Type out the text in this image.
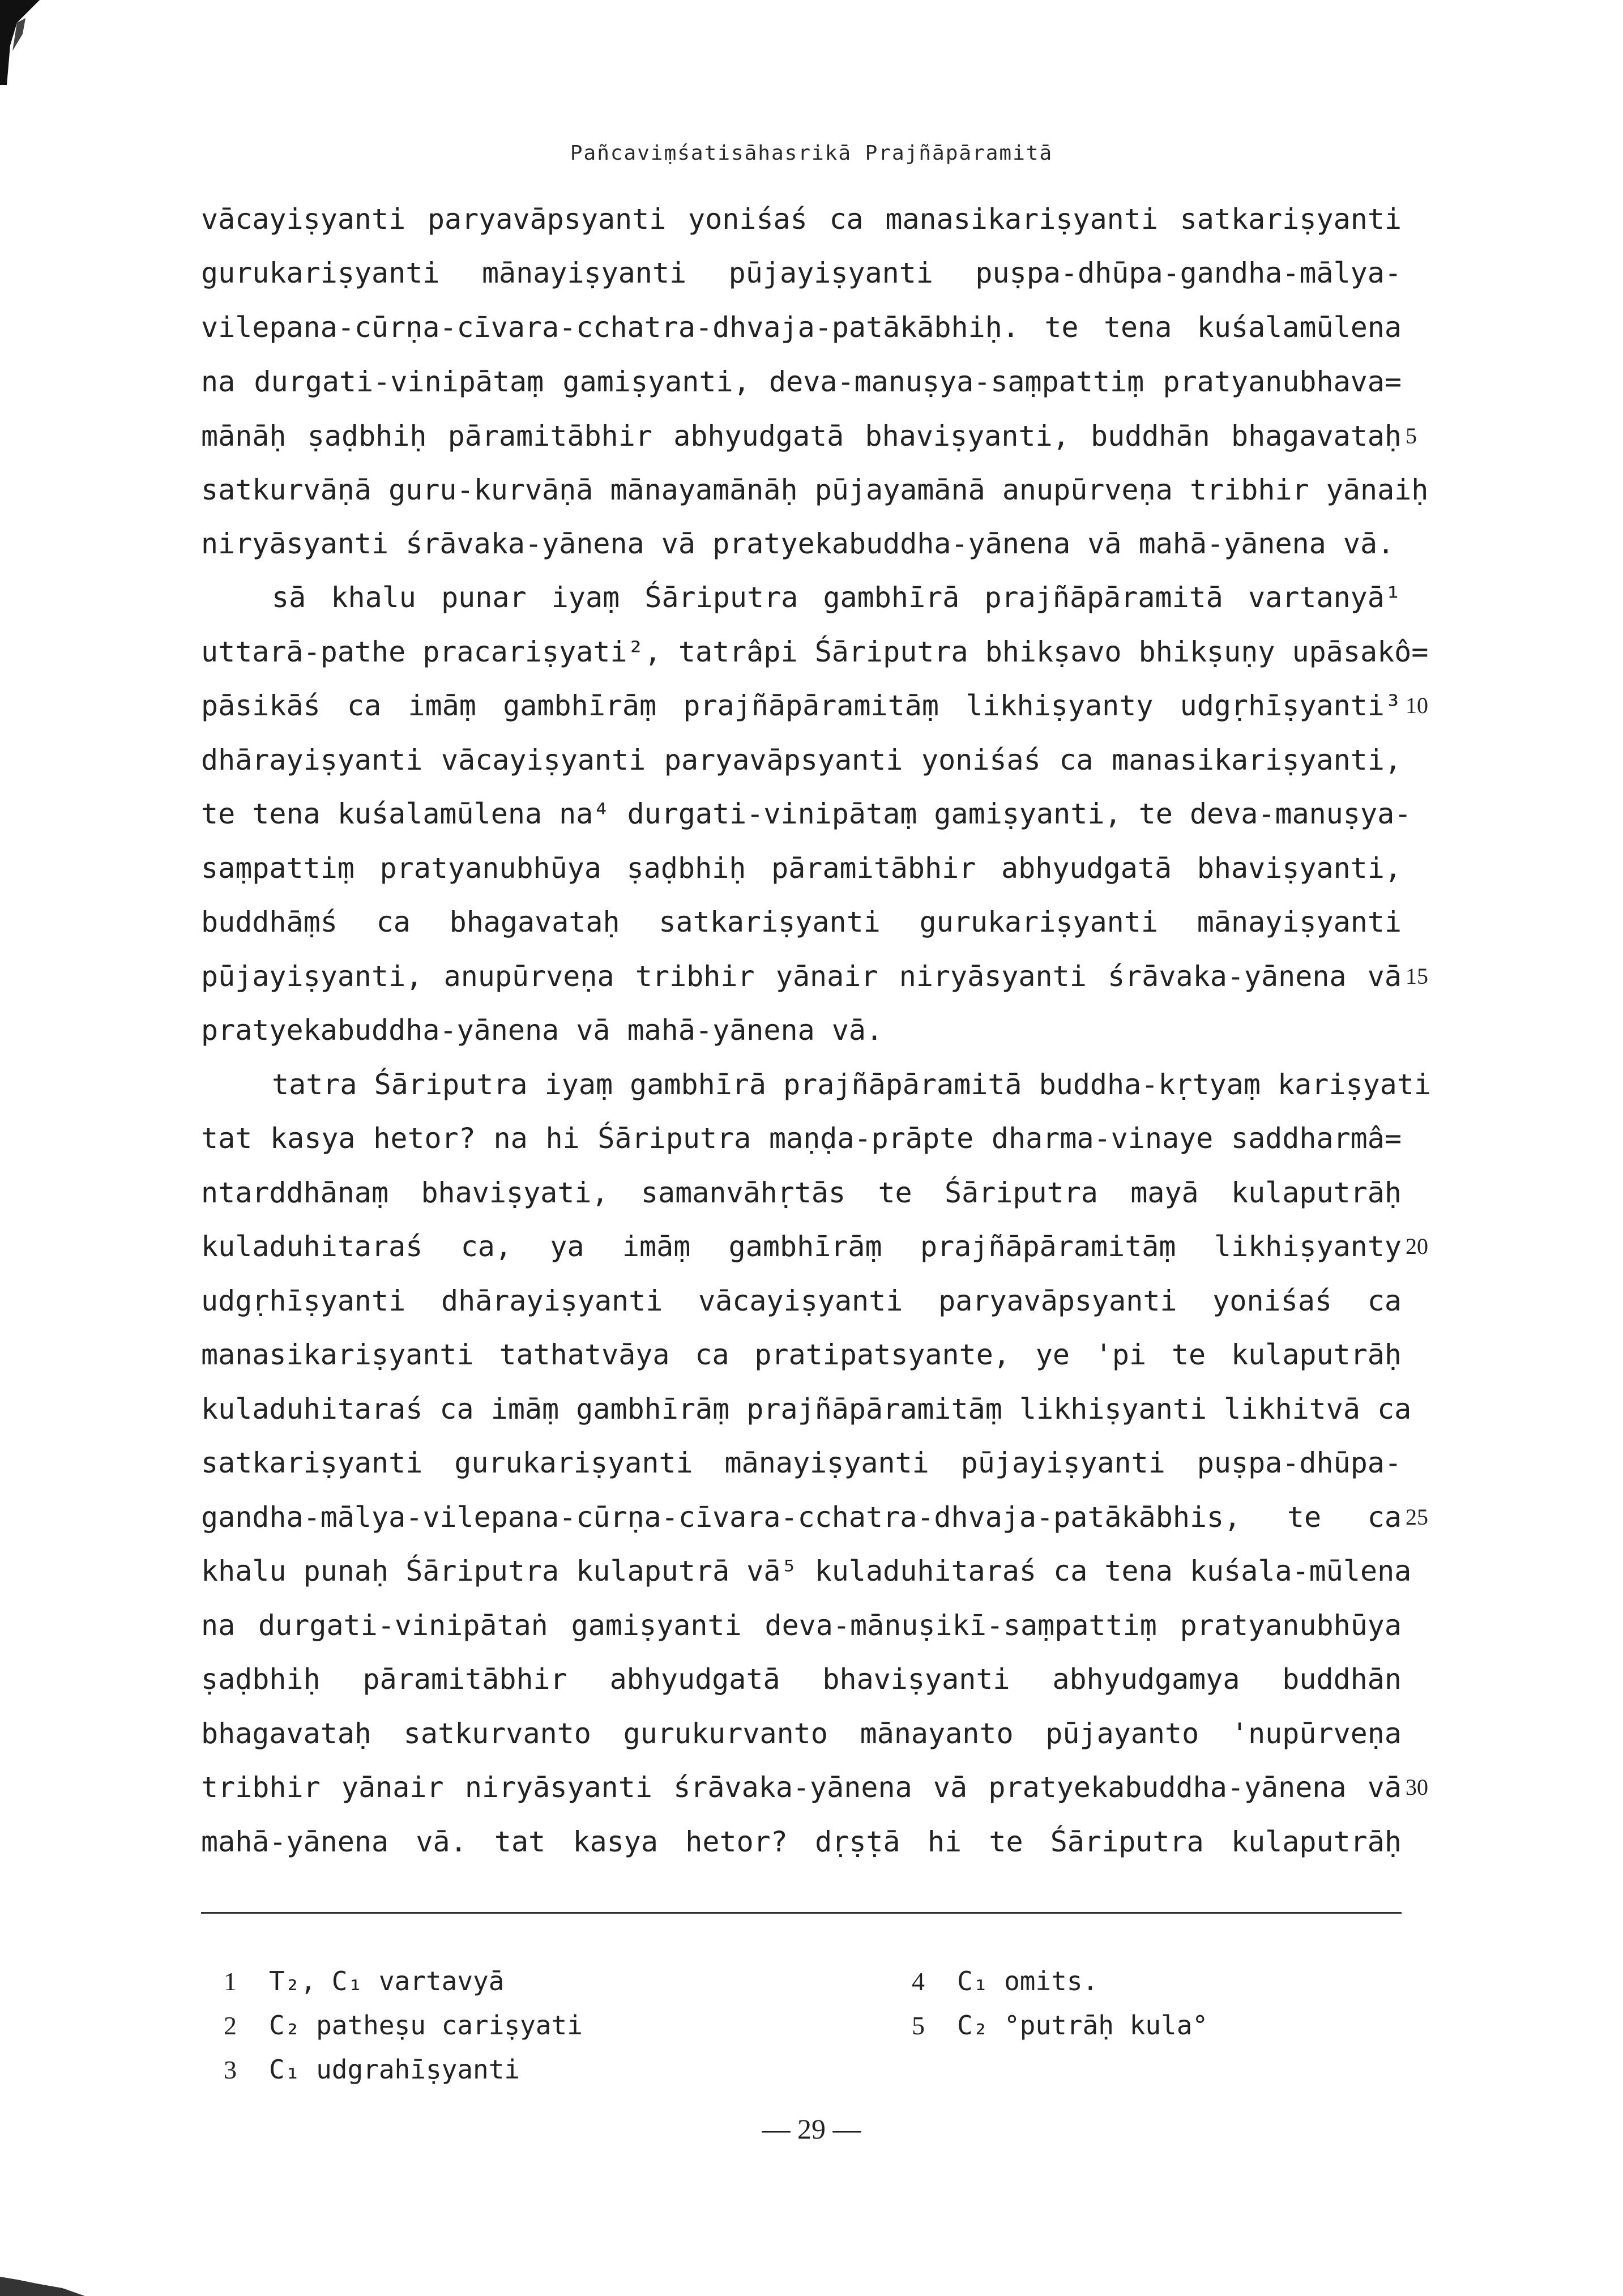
Pañcaviṃśatisāhasrikā Prajñāpāramitā
vācayiṣyanti paryavāpsyanti yoniśaś ca manasikariṣyanti satkariṣyanti
gurukariṣyanti mānayiṣyanti pūjayiṣyanti puṣpa-dhūpa-gandha-mālya-
vilepana-cūrṇa-cīvara-cchatra-dhvaja-patākābhiḥ. te tena kuśalamūlena
na durgati-vinipātaṃ gamiṣyanti, deva-manuṣya-saṃpattiṃ pratyanubhava=
mānāḥ ṣaḍbhiḥ pāramitābhir abhyudgatā bhaviṣyanti, buddhān bhagavataḥ 5
satkurvāṇā guru-kurvāṇā mānayamānāḥ pūjayamānā anupūrveṇa tribhir yānaiḥ
niryāsyanti śrāvaka-yānena vā pratyekabuddha-yānena vā mahā-yānena vā.
sā khalu punar iyaṃ Śāriputra gambhīrā prajñāpāramitā vartanyā¹
uttarā-pathe pracariṣyati², tatrâpi Śāriputra bhikṣavo bhikṣuṇy upāsakô=
pāsikāś ca imāṃ gambhīrāṃ prajñāpāramitāṃ likhiṣyanty udgṛhīṣyanti³ 10
dhārayiṣyanti vācayiṣyanti paryavāpsyanti yoniśaś ca manasikariṣyanti,
te tena kuśalamūlena na⁴ durgati-vinipātaṃ gamiṣyanti, te deva-manuṣya-
saṃpattiṃ pratyanubhūya ṣaḍbhiḥ pāramitābhir abhyudgatā bhaviṣyanti,
buddhāṃś ca bhagavataḥ satkariṣyanti gurukariṣyanti mānayiṣyanti
pūjayiṣyanti, anupūrveṇa tribhir yānair niryāsyanti śrāvaka-yānena vā 15
pratyekabuddha-yānena vā mahā-yānena vā.
tatra Śāriputra iyaṃ gambhīrā prajñāpāramitā buddha-kṛtyaṃ kariṣyati
tat kasya hetor? na hi Śāriputra maṇḍa-prāpte dharma-vinaye saddharmâ=
ntarddhānaṃ bhaviṣyati, samanvāhṛtās te Śāriputra mayā kulaputrāḥ
kuladuhitaraś ca, ya imāṃ gambhīrāṃ prajñāpāramitāṃ likhiṣyanty 20
udgṛhīṣyanti dhārayiṣyanti vācayiṣyanti paryavāpsyanti yoniśaś ca
manasikariṣyanti tathatvāya ca pratipatsyante, ye 'pi te kulaputrāḥ
kuladuhitaraś ca imāṃ gambhīrāṃ prajñāpāramitāṃ likhiṣyanti likhitvā ca
satkariṣyanti gurukariṣyanti mānayiṣyanti pūjayiṣyanti puṣpa-dhūpa-
gandha-mālya-vilepana-cūrṇa-cīvara-cchatra-dhvaja-patākābhis, te ca 25
khalu punaḥ Śāriputra kulaputrā vā⁵ kuladuhitaraś ca tena kuśala-mūlena
na durgati-vinipātaṅ gamiṣyanti deva-mānuṣikī-saṃpattiṃ pratyanubhūya
ṣaḍbhiḥ pāramitābhir abhyudgatā bhaviṣyanti abhyudgamya buddhān
bhagavataḥ satkurvanto gurukurvanto mānayanto pūjayanto 'nupūrveṇa
tribhir yānair niryāsyanti śrāvaka-yānena vā pratyekabuddha-yānena vā 30
mahā-yānena vā. tat kasya hetor? dṛṣṭā hi te Śāriputra kulaputrāḥ
1 T₂, C₁ vartavyā
2 C₂ patheṣu cariṣyati
3 C₁ udgrahīṣyanti
4 C₁ omits.
5 C₂ °putrāḥ kula°
— 29 —
